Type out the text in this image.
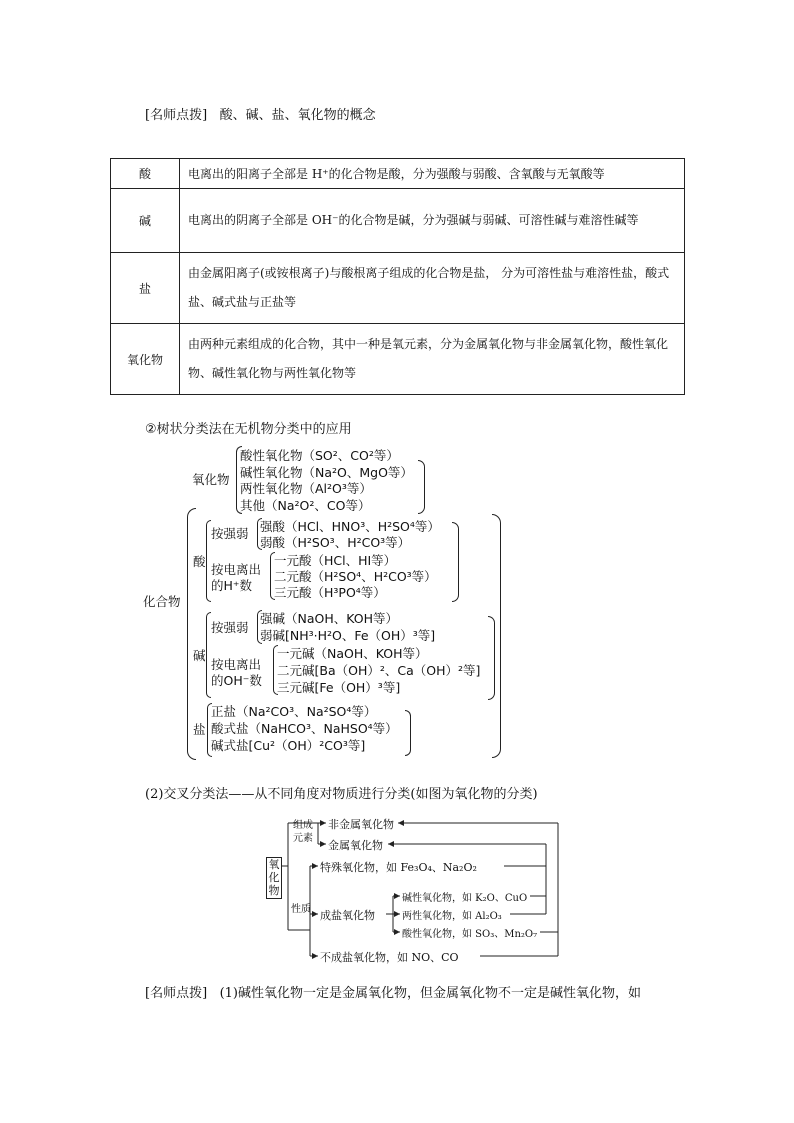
[名师点拨] 酸、碱、盐、氧化物的概念
酸	电离出的阳离子全部是 H⁺的化合物是酸，分为强酸与弱酸、含氧酸与无氧酸等
碱	电离出的阴离子全部是 OH⁻的化合物是碱，分为强碱与弱碱、可溶性碱与难溶性碱等
盐	由金属阳离子(或铵根离子)与酸根离子组成的化合物是盐， 分为可溶性盐与难溶性盐，酸式盐、碱式盐与正盐等
氧化物	由两种元素组成的化合物，其中一种是氧元素，分为金属氧化物与非金属氧化物，酸性氧化物、碱性氧化物与两性氧化物等
②树状分类法在无机物分类中的应用
化合物
氧化物
酸性氧化物（SO²、CO²等）
碱性氧化物（Na²O、MgO等）
两性氧化物（Al²O³等）
其他（Na²O²、CO等）
酸
按强弱 强酸（HCl、HNO³、H²SO⁴等）
弱酸（H²SO³、H²CO³等）
按电离出
的H⁺数
一元酸（HCl、HI等）
二元酸（H²SO⁴、H²CO³等）
三元酸（H³PO⁴等）
碱
按强弱
强碱（NaOH、KOH等）
弱碱[NH³·H²O、Fe（OH）³等]
按电离出
的OH⁻数
一元碱（NaOH、KOH等）
二元碱[Ba（OH）²、Ca（OH）²等]
三元碱[Fe（OH）³等]
盐
正盐（Na²CO³、Na²SO⁴等）
酸式盐（NaHCO³、NaHSO⁴等）
碱式盐[Cu²（OH）²CO³等]
(2)交叉分类法——从不同角度对物质进行分类(如图为氧化物的分类)
氧化物
组成元素
性质
非金属氧化物
金属氧化物
特殊氧化物，如 Fe₃O₄、Na₂O₂
成盐氧化物
碱性氧化物，如 K₂O、CuO
两性氧化物，如 Al₂O₃
酸性氧化物，如 SO₃、Mn₂O₇
不成盐氧化物，如 NO、CO
[名师点拨] (1)碱性氧化物一定是金属氧化物，但金属氧化物不一定是碱性氧化物，如
